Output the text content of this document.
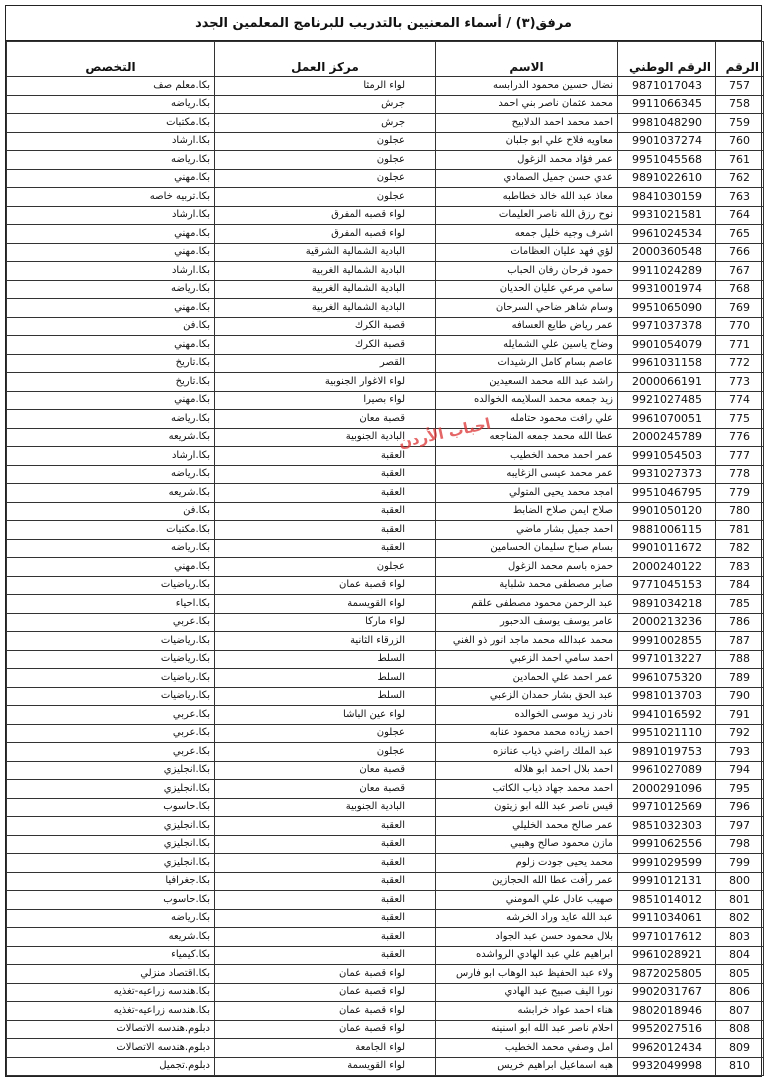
مرفق(٣) / أسماء المعنيين بالتدريب للبرنامج المعلمين الجدد
الرقم	الرقم الوطني	الاسم	مركز العمل	التخصص
757	9871017043	نضال حسين محمود الدرابسه	لواء الرمثا	بكا.معلم صف
758	9911066345	محمد عثمان ناصر بني احمد	جرش	بكا.رياضه
759	9981048290	احمد محمد احمد الدلابيح	جرش	بكا.مكتبات
760	9901037274	معاويه فلاح علي ابو جلبان	عجلون	بكا.ارشاد
761	9951045568	عمر فؤاد محمد الزغول	عجلون	بكا.رياضه
762	9891022610	عدي حسن جميل الصمادي	عجلون	بكا.مهني
763	9841030159	معاذ عبد الله خالد خطاطبه	عجلون	بكا.تربيه خاصه
764	9931021581	نوح رزق الله ناصر العليمات	لواء قصبه المفرق	بكا.ارشاد
765	9961024534	اشرف وجيه خليل جمعه	لواء قصبه المفرق	بكا.مهني
766	2000360548	لؤي فهد عليان العظامات	البادية الشمالية الشرقية	بكا.مهني
767	9911024289	حمود فرحان رفان الحباب	البادية الشمالية الغربية	بكا.ارشاد
768	9931001974	سامي مرعي عليان الحديان	البادية الشمالية الغربية	بكا.رياضه
769	9951065090	وسام شاهر ضاحي السرحان	البادية الشمالية الغربية	بكا.مهني
770	9971037378	عمر رياض طايع العسافه	قصبة الكرك	بكا.فن
771	9901054079	وضاح ياسين علي الشمايله	قصبة الكرك	بكا.مهني
772	9961031158	عاصم بسام كامل الرشيدات	القصر	بكا.تاريخ
773	2000066191	راشد عبد الله محمد السعيدين	لواء الاغوار الجنوبية	بكا.تاريخ
774	9921027485	زيد جمعه محمد السلايمه الخوالده	لواء بصيرا	بكا.مهني
775	9961070051	علي رافت محمود حتامله	قصبة معان	بكا.رياضه
776	2000245789	عطا الله محمد جمعه المناجعه	البادية الجنوبية	بكا.شريعه
777	9991054503	عمر احمد محمد الخطيب	العقبة	بكا.ارشاد
778	9931027373	عمر محمد عيسى الزغايبه	العقبة	بكا.رياضه
779	9951046795	امجد محمد يحيى المتولي	العقبة	بكا.شريعه
780	9901050120	صلاح ايمن صلاح الضابط	العقبة	بكا.فن
781	9881006115	احمد جميل بشار ماضي	العقبة	بكا.مكتبات
782	9901011672	بسام صباح سليمان الحسامين	العقبة	بكا.رياضه
783	2000240122	حمزه باسم محمد الزغول	عجلون	بكا.مهني
784	9771045153	صابر مصطفى محمد شلباية	لواء قصبة عمان	بكا.رياضيات
785	9891034218	عبد الرحمن محمود مصطفى علقم	لواء القويسمة	بكا.احياء
786	2000213236	عامر يوسف يوسف الدحبور	لواء ماركا	بكا.عربي
787	9991002855	محمد عبدالله محمد ماجد انور ذو الغني	الزرقاء الثانية	بكا.رياضيات
788	9971013227	احمد سامي احمد الزعبي	السلط	بكا.رياضيات
789	9961075320	عمر احمد علي الحمادين	السلط	بكا.رياضيات
790	9981013703	عبد الحق بشار حمدان الزعبي	السلط	بكا.رياضيات
791	9941016592	نادر زيد موسى الخوالده	لواء عين الباشا	بكا.عربي
792	9951021110	احمد زياده محمد محمود عنابه	عجلون	بكا.عربي
793	9891019753	عبد الملك راضي ذياب عنانزه	عجلون	بكا.عربي
794	9961027089	احمد بلال احمد ابو هلاله	قصبة معان	بكا.انجليزي
795	2000291096	احمد محمد جهاد ذياب الكاتب	قصبة معان	بكا.انجليزي
796	9971012569	قيس ناصر عبد الله ابو زيتون	البادية الجنوبية	بكا.حاسوب
797	9851032303	عمر صالح محمد الخليلي	العقبة	بكا.انجليزي
798	9991062556	مازن محمود صالح وهيبي	العقبة	بكا.انجليزي
799	9991029599	محمد يحيى جودت زلوم	العقبة	بكا.انجليزي
800	9991012131	عمر رأفت عطا الله الحجازين	العقبة	بكا.جغرافيا
801	9851014012	صهيب عادل علي المومني	العقبة	بكا.حاسوب
802	9911034061	عبد الله عايد وراد الخرشه	العقبة	بكا.رياضه
803	9971017612	بلال محمود حسن عبد الجواد	العقبة	بكا.شريعه
804	9961028921	ابراهيم علي عبد الهادي الرواشده	العقبة	بكا.كيمياء
805	9872025805	ولاء عبد الحفيظ عبد الوهاب ابو فارس	لواء قصبة عمان	بكا.اقتصاد منزلي
806	9902031767	نورا اليف صبيح عبد الهادي	لواء قصبة عمان	بكا.هندسه زراعيه-تغذيه
807	9802018946	هناء احمد عواد خرابشه	لواء قصبة عمان	بكا.هندسه زراعيه-تغذيه
808	9952027516	احلام ناصر عبد الله ابو اسنينه	لواء قصبة عمان	دبلوم.هندسه الاتصالات
809	9962012434	امل وصفي محمد الخطيب	لواء الجامعة	دبلوم.هندسه الاتصالات
810	9932049998	هبه اسماعيل ابراهيم خريس	لواء القويسمة	دبلوم.تجميل
احباب الأردن
